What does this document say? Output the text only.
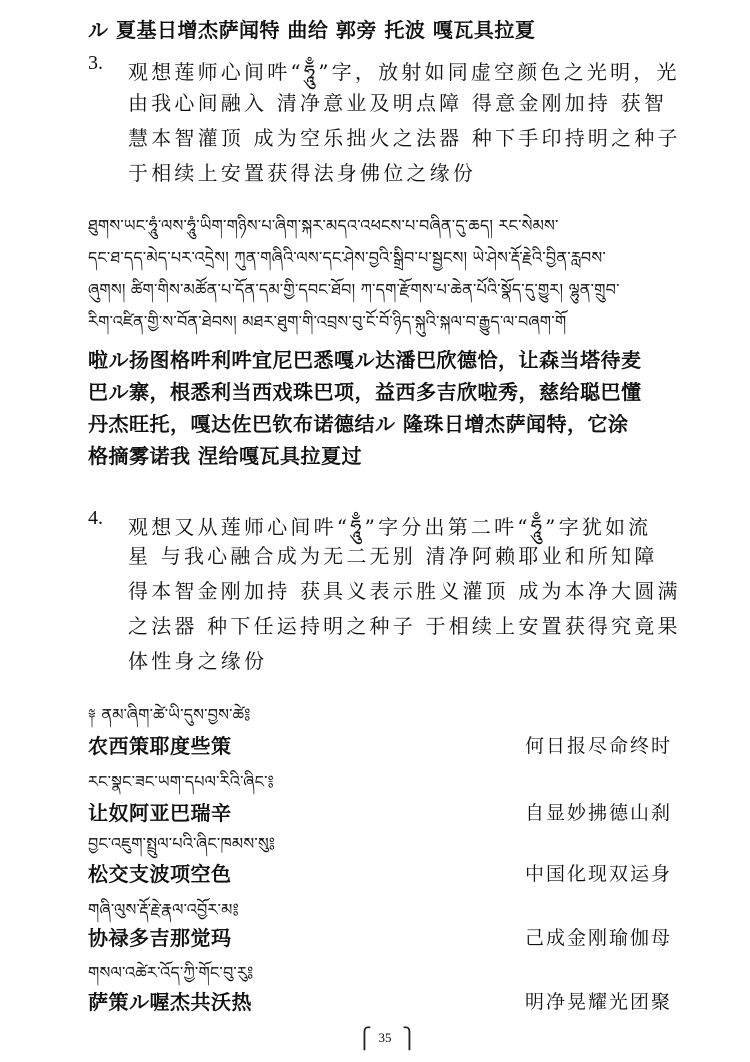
ル 夏基日增杰萨闻特 曲给 郭旁 托波 嘎瓦具拉夏
3. 观想莲师心间吽“ཧཱུྃ”字，放射如同虚空颜色之光明，光
由我心间融入 清净意业及明点障 得意金刚加持 获智
慧本智灌顶 成为空乐拙火之法器 种下手印持明之种子
于相续上安置获得法身佛位之缘份
ཐུགས་ཡང་ཧཱུཾ་ལས་ཧཱུཾ་ཡིག་གཉིས་པ་ཞིག་སྐར་མདའ་འཕངས་པ་བཞིན་དུ་ཆད། རང་སེམས་
དང་ཐ་དད་མེད་པར་འདྲེས། ཀུན་གཞིའི་ལས་དང་ཤེས་བྱའི་སྒྲིབ་པ་སྦྱངས། ཡེ་ཤེས་རྡོ་རྗེའི་བྱིན་རླབས་
ཞུགས། ཚིག་གིས་མཚོན་པ་དོན་དམ་གྱི་དབང་ཐོབ། ཀ་དག་རྫོགས་པ་ཆེན་པོའི་སྣོད་དུ་གྱུར། ལྷུན་གྲུབ་
རིག་འཛིན་གྱི་ས་བོན་ཐེབས། མཐར་ཐུག་གི་འབྲས་བུ་ངོ་བོ་ཉིད་སྐུའི་སྐལ་བ་རྒྱུད་ལ་བཞག་གོ
啦ル扬图格吽利吽宜尼巴悉嘎ル达潘巴欣德恰，让森当塔待麦
巴ル寨，根悉利当西戏珠巴项，益西多吉欣啦秀，慈给聪巴懂
丹杰旺托，嘎达佐巴钦布诺德结ル 隆珠日增杰萨闻特，它涂
格摘雾诺我 涅给嘎瓦具拉夏过
4. 观想又从莲师心间吽“ཧཱུྃ”字分出第二吽“ཧཱུྃ”字犹如流
星 与我心融合成为无二无别 清净阿赖耶业和所知障
得本智金刚加持 获具义表示胜义灌顶 成为本净大圆满
之法器 种下任运持明之种子 于相续上安置获得究竟果
体性身之缘份
༈ ནམ་ཞིག་ཚེ་ཡི་དུས་བྱས་ཚེ༔
农西策耶度些策	何日报尽命终时
རང་སྣང་ཟང་ཡག་དཔལ་རིའི་ཞིང་༔
让奴阿亚巴瑞辛	自显妙拂德山刹
བྱང་འཇུག་སྤྲུལ་པའི་ཞིང་ཁམས་སུ༔
松交支波项空色	中国化现双运身
གཞི་ལུས་རྡོ་རྗེ་རྣལ་འབྱོར་མ༔
协禄多吉那觉玛	己成金刚瑜伽母
གསལ་འཚེར་འོད་ཀྱི་གོང་བུ་རུ༔
萨策ル喔杰共沃热	明净晃耀光团聚
⎧ 35 ⎫
